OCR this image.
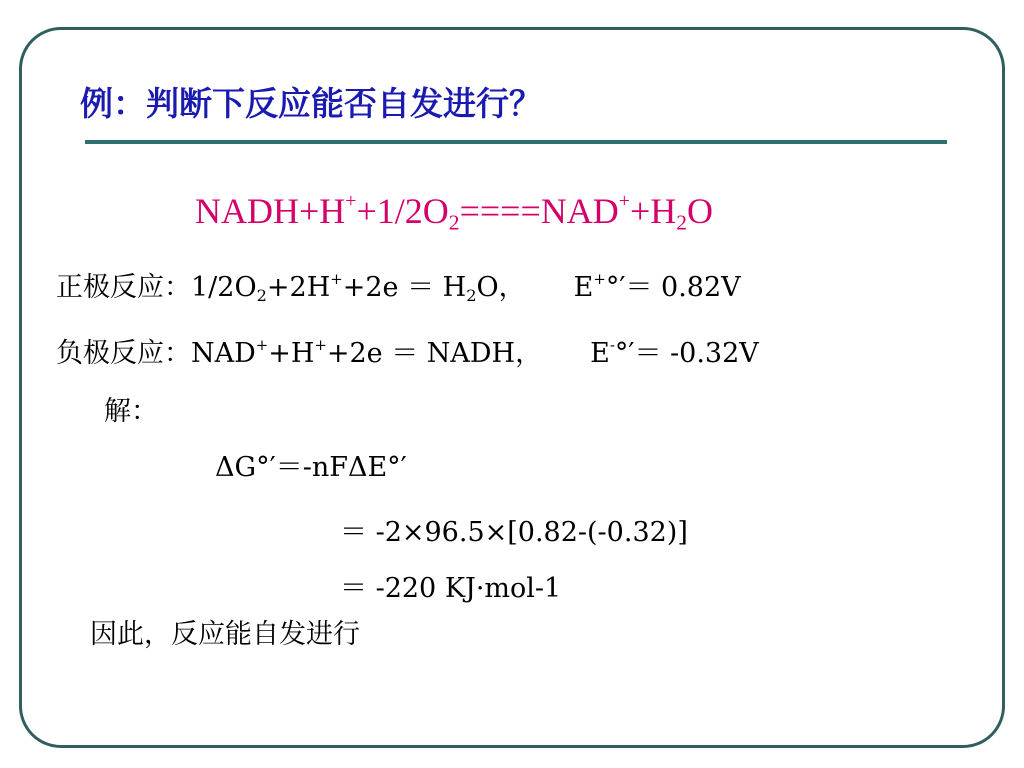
例：判断下反应能否自发进行？
$NADH+H^++1/2O_2====NAD^++H_2O$
正极反应：$1/2O_2+2H^++2e = H_2O$， E+°′＝ 0.82V
负极反应：NAD++H++2e ＝ NADH， E-°′＝ -0.32V
解：
ΔG°′＝-nFΔE°′
＝ -2×96.5×[0.82-(-0.32)]
＝ -220 KJ·mol-1
因此，反应能自发进行
